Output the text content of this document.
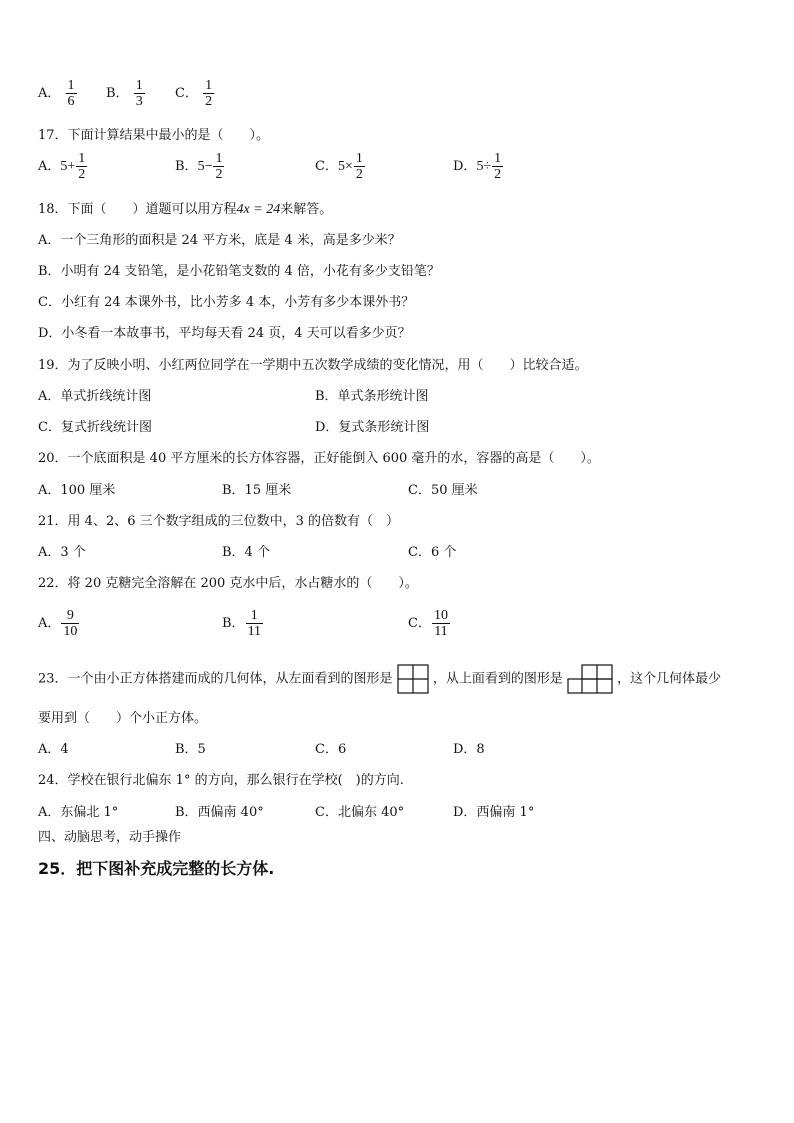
A． $\frac{1}{6}$ B． $\frac{1}{3}$ C． $\frac{1}{2}$
17．下面计算结果中最小的是（　　）。
A．$5+ \frac{1}{2}$	B．$5- \frac{1}{2}$	C．$5\times \frac{1}{2}$	D．$5\div \frac{1}{2}$
18．下面（　　）道题可以用方程4x = 24来解答。
A．一个三角形的面积是 24 平方米，底是 4 米，高是多少米？
B．小明有 24 支铅笔，是小花铅笔支数的 4 倍，小花有多少支铅笔？
C．小红有 24 本课外书，比小芳多 4 本，小芳有多少本课外书？
D．小冬看一本故事书，平均每天看 24 页，4 天可以看多少页？
19．为了反映小明、小红两位同学在一学期中五次数学成绩的变化情况，用（　　）比较合适。
A．单式折线统计图	B．单式条形统计图
C．复式折线统计图	D．复式条形统计图
20．一个底面积是 40 平方厘米的长方体容器，正好能倒入 600 毫升的水，容器的高是（　　）。
A．100 厘米	B．15 厘米	C．50 厘米
21．用 4、2、6 三个数字组成的三位数中，3 的倍数有（　）
A．3 个	B．4 个	C．6 个
22．将 20 克糖完全溶解在 200 克水中后，水占糖水的（　　）。
A． $\frac{9}{10}$	B． $\frac{1}{11}$	C． $\frac{10}{11}$
23．一个由小正方体搭建而成的几何体，从左面看到的图形是	，从上面看到的图形是	，这个几何体最少
要用到（　　）个小正方体。
A．4	B．5	C．6	D．8
24．学校在银行北偏东 1° 的方向，那么银行在学校(　)的方向.
A．东偏北 1°	B．西偏南 40°	C．北偏东 40°	D．西偏南 1°
四、动脑思考，动手操作
25．把下图补充成完整的长方体.
